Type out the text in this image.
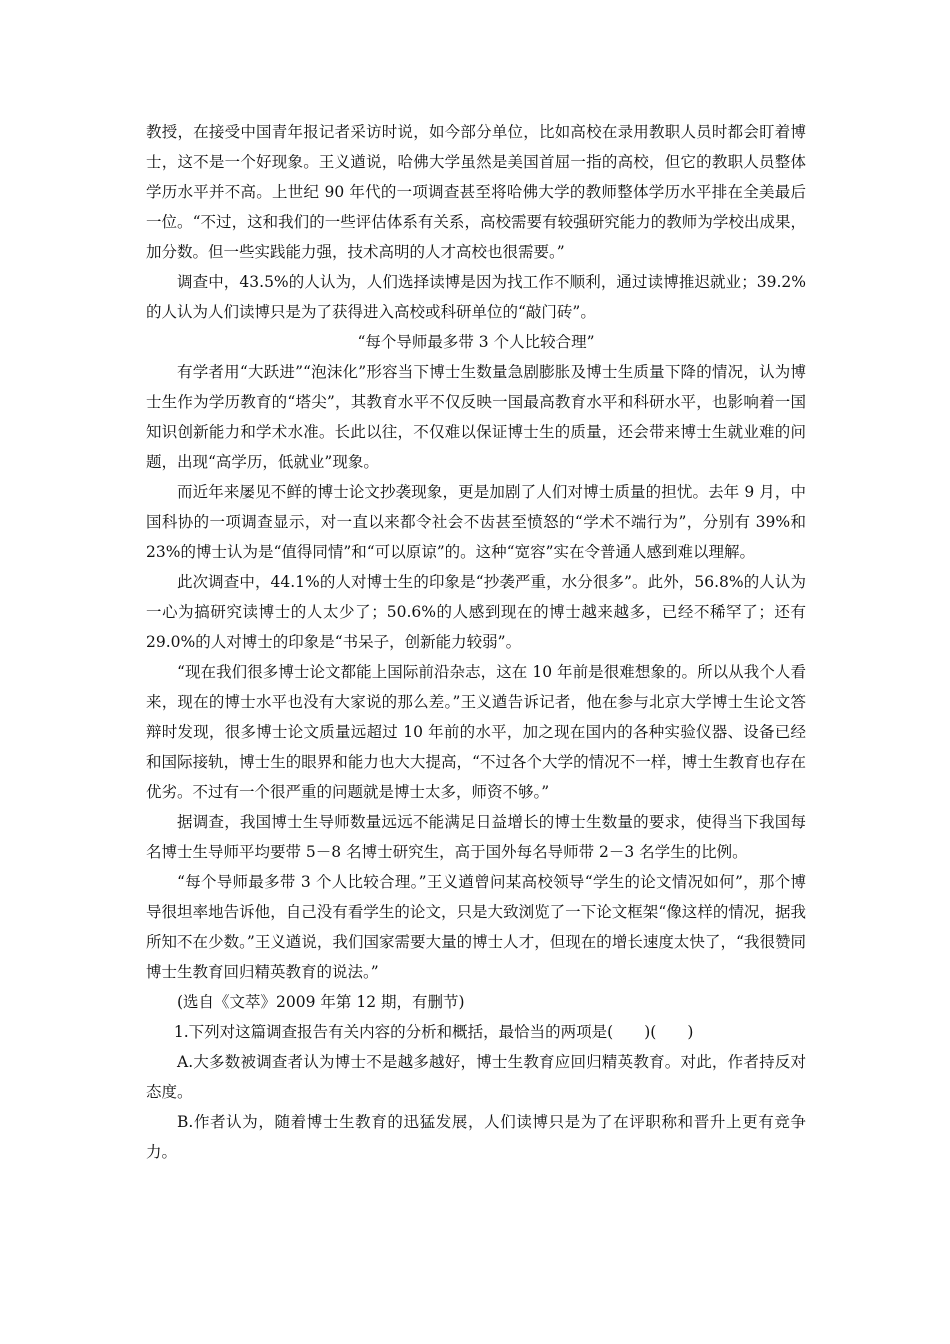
教授，在接受中国青年报记者采访时说，如今部分单位，比如高校在录用教职人员时都会盯着博士，这不是一个好现象。王义遒说，哈佛大学虽然是美国首屈一指的高校，但它的教职人员整体学历水平并不高。上世纪 90 年代的一项调查甚至将哈佛大学的教师整体学历水平排在全美最后一位。“不过，这和我们的一些评估体系有关系，高校需要有较强研究能力的教师为学校出成果，加分数。但一些实践能力强，技术高明的人才高校也很需要。”

调查中，43.5%的人认为，人们选择读博是因为找工作不顺利，通过读博推迟就业；39.2%的人认为人们读博只是为了获得进入高校或科研单位的“敲门砖”。

“每个导师最多带 3 个人比较合理”

有学者用“大跃进”“泡沫化”形容当下博士生数量急剧膨胀及博士生质量下降的情况，认为博士生作为学历教育的“塔尖”，其教育水平不仅反映一国最高教育水平和科研水平，也影响着一国知识创新能力和学术水准。长此以往，不仅难以保证博士生的质量，还会带来博士生就业难的问题，出现“高学历，低就业”现象。

而近年来屡见不鲜的博士论文抄袭现象，更是加剧了人们对博士质量的担忧。去年 9 月，中国科协的一项调查显示，对一直以来都令社会不齿甚至愤怒的“学术不端行为”，分别有 39%和 23%的博士认为是“值得同情”和“可以原谅”的。这种“宽容”实在令普通人感到难以理解。

此次调查中，44.1%的人对博士生的印象是“抄袭严重，水分很多”。此外，56.8%的人认为一心为搞研究读博士的人太少了；50.6%的人感到现在的博士越来越多，已经不稀罕了；还有 29.0%的人对博士的印象是“书呆子，创新能力较弱”。

“现在我们很多博士论文都能上国际前沿杂志，这在 10 年前是很难想象的。所以从我个人看来，现在的博士水平也没有大家说的那么差。”王义遒告诉记者，他在参与北京大学博士生论文答辩时发现，很多博士论文质量远超过 10 年前的水平，加之现在国内的各种实验仪器、设备已经和国际接轨，博士生的眼界和能力也大大提高，“不过各个大学的情况不一样，博士生教育也存在优劣。不过有一个很严重的问题就是博士太多，师资不够。”

据调查，我国博士生导师数量远远不能满足日益增长的博士生数量的要求，使得当下我国每名博士生导师平均要带 5－8 名博士研究生，高于国外每名导师带 2－3 名学生的比例。

“每个导师最多带 3 个人比较合理。”王义遒曾问某高校领导“学生的论文情况如何”，那个博导很坦率地告诉他，自己没有看学生的论文，只是大致浏览了一下论文框架“像这样的情况，据我所知不在少数。”王义遒说，我们国家需要大量的博士人才，但现在的增长速度太快了，“我很赞同博士生教育回归精英教育的说法。”

(选自《文萃》2009 年第 12 期，有删节)

1.下列对这篇调查报告有关内容的分析和概括，最恰当的两项是(　　)(　　)

A.大多数被调查者认为博士不是越多越好，博士生教育应回归精英教育。对此，作者持反对态度。

B.作者认为，随着博士生教育的迅猛发展，人们读博只是为了在评职称和晋升上更有竞争力。
